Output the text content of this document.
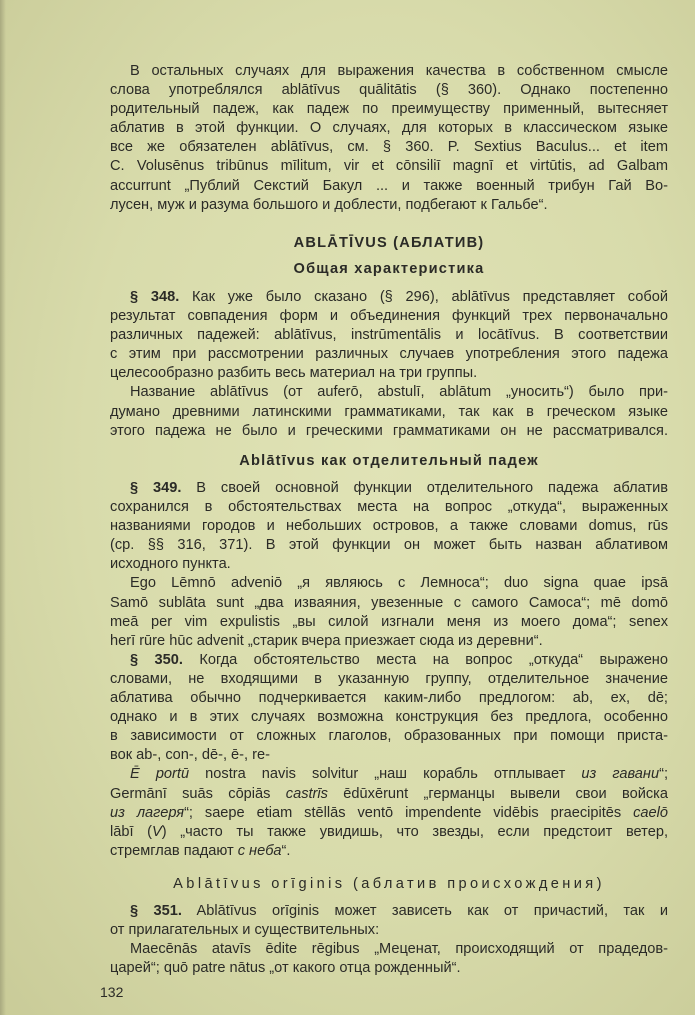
В остальных случаях для выражения качества в собственном смысле
слова употреблялся ablātīvus quālitātis (§ 360). Однако постепенно
родительный падеж, как падеж по преимуществу применный, вытесняет
аблатив в этой функции. О случаях, для которых в классическом языке
все же обязателен ablātīvus, см. § 360. P. Sextius Baculus... et item
C. Volusēnus tribūnus mīlitum, vir et cōnsiliī magnī et virtūtis, ad Galbam
accurrunt „Публий Секстий Бакул ... и также военный трибун Гай Во-
лусен, муж и разума большого и доблести, подбегают к Гальбе“.
ABLĀTĪVUS (АБЛАТИВ)
Общая характеристика
§ 348. Как уже было сказано (§ 296), ablātīvus представляет собой
результат совпадения форм и объединения функций трех первоначально
различных падежей: ablātīvus, instrūmentālis и locātīvus. В соответствии
с этим при рассмотрении различных случаев употребления этого падежа
целесообразно разбить весь материал на три группы.
Название ablātīvus (от auferō, abstulī, ablātum „уносить“) было при-
думано древними латинскими грамматиками, так как в греческом языке
этого падежа не было и греческими грамматиками он не рассматривался.
Ablātīvus как отделительный падеж
§ 349. В своей основной функции отделительного падежа аблатив
сохранился в обстоятельствах места на вопрос „откуда“, выраженных
названиями городов и небольших островов, а также словами domus, rūs
(ср. §§ 316, 371). В этой функции он может быть назван аблативом
исходного пункта.
Ego Lēmnō adveniō „я являюсь с Лемноса“; duo signa quae ipsā
Samō sublāta sunt „два изваяния, увезенные с самого Самоса“; mē domō
meā per vim expulistis „вы силой изгнали меня из моего дома“; senex
herī rūre hūc advenit „старик вчера приезжает сюда из деревни“.
§ 350. Когда обстоятельство места на вопрос „откуда“ выражено
словами, не входящими в указанную группу, отделительное значение
аблатива обычно подчеркивается каким-либо предлогом: ab, ex, dē;
однако и в этих случаях возможна конструкция без предлога, особенно
в зависимости от сложных глаголов, образованных при помощи приста-
вок ab-, con-, dē-, ē-, re-
Ē portū nostra navis solvitur „наш корабль отплывает из гавани“;
Germānī suās cōpiās castrīs ēdūxērunt „германцы вывели свои войска
из лагеря“; saepe etiam stēllās ventō impendente vidēbis praecipitēs caelō
lābī (V) „часто ты также увидишь, что звезды, если предстоит ветер,
стремглав падают с неба“.
Ablātīvus orīginis (аблатив происхождения)
§ 351. Ablātīvus orīginis может зависеть как от причастий, так и
от прилагательных и существительных:
Maecēnās atavīs ēdite rēgibus „Меценат, происходящий от прадедов-
царей“; quō patre nātus „от какого отца рожденный“.
132
